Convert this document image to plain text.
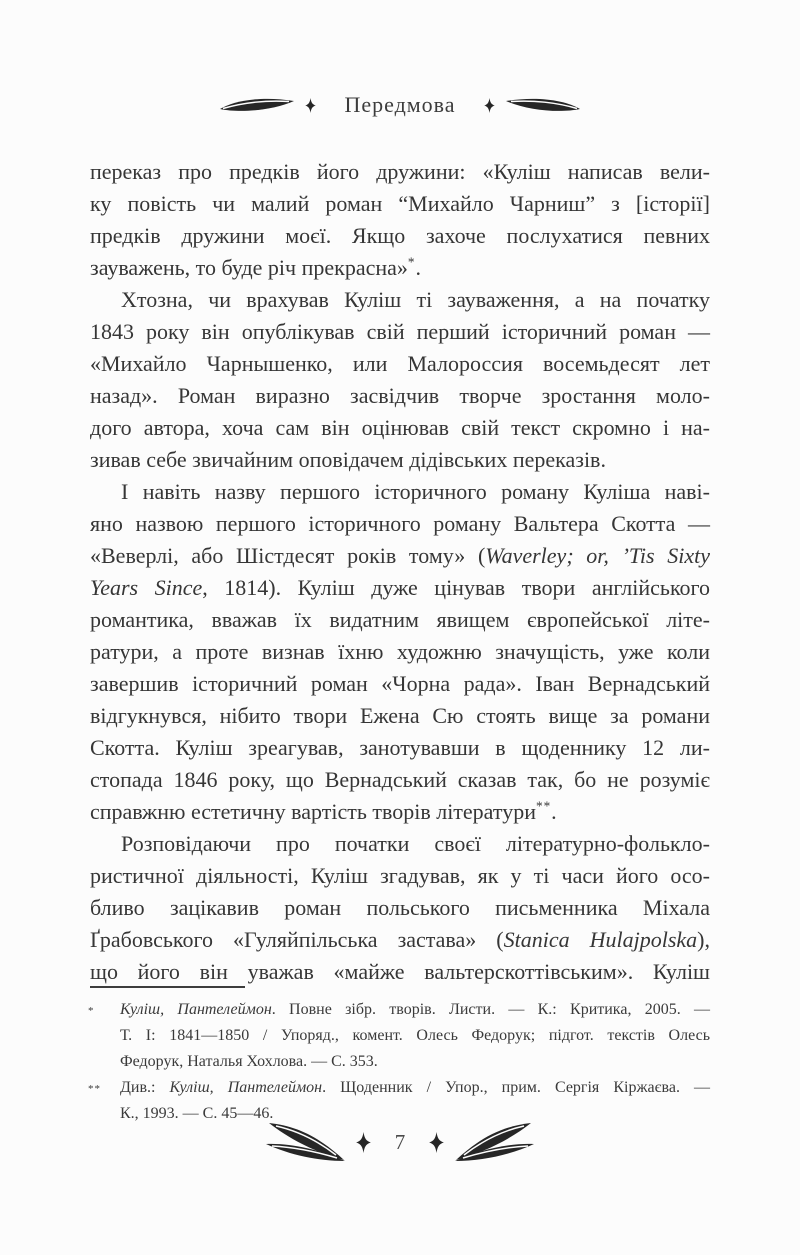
Передмова
переказ про предків його дружини: «Куліш написав вели-
ку повість чи малий роман “Михайло Чарниш” з [історії]
предків дружини моєї. Якщо захоче послухатися певних
зауважень, то буде річ прекрасна»*.
Хтозна, чи врахував Куліш ті зауваження, а на початку
1843 року він опублікував свій перший історичний роман —
«Михайло Чарнышенко, или Малороссия восемьдесят лет
назад». Роман виразно засвідчив творче зростання моло-
дого автора, хоча сам він оцінював свій текст скромно і на-
зивав себе звичайним оповідачем дідівських переказів.
І навіть назву першого історичного роману Куліша наві-
яно назвою першого історичного роману Вальтера Скотта —
«Веверлі, або Шістдесят років тому» (Waverley; or, ’Tis Sixty
Years Since, 1814). Куліш дуже цінував твори англійського
романтика, вважав їх видатним явищем європейської літе-
ратури, а проте визнав їхню художню значущість, уже коли
завершив історичний роман «Чорна рада». Іван Вернадський
відгукнувся, нібито твори Ежена Сю стоять вище за романи
Скотта. Куліш зреагував, занотувавши в щоденнику 12 ли-
стопада 1846 року, що Вернадський сказав так, бо не розуміє
справжню естетичну вартість творів літератури**.
Розповідаючи про початки своєї літературно-фолькло-
ристичної діяльності, Куліш згадував, як у ті часи його осо-
бливо зацікавив роман польського письменника Міхала
Ґрабовського «Гуляйпільська застава» (Stanica Hulajpolska),
що його він уважав «майже вальтерскоттівським». Куліш
* Куліш, Пантелеймон. Повне зібр. творів. Листи. — К.: Критика, 2005. —
Т. І: 1841—1850 / Упоряд., комент. Олесь Федорук; підгот. текстів Олесь
Федорук, Наталья Хохлова. — С. 353.
** Див.: Куліш, Пантелеймон. Щоденник / Упор., прим. Сергія Кіржаєва. —
К., 1993. — С. 45—46.
7
